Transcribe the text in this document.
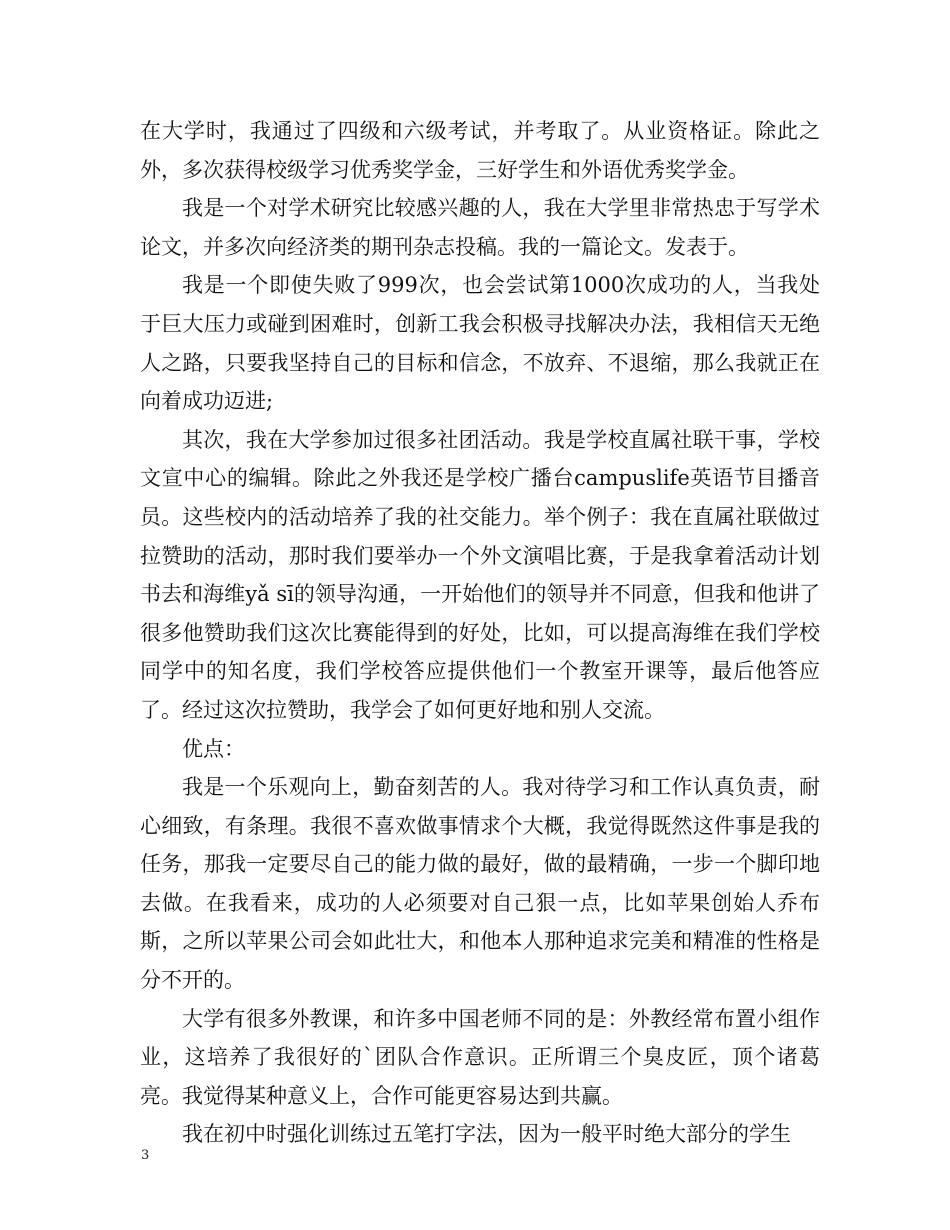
在大学时，我通过了四级和六级考试，并考取了。从业资格证。除此之外，多次获得校级学习优秀奖学金，三好学生和外语优秀奖学金。

我是一个对学术研究比较感兴趣的人，我在大学里非常热忠于写学术论文，并多次向经济类的期刊杂志投稿。我的一篇论文。发表于。

我是一个即使失败了999次，也会尝试第1000次成功的人，当我处于巨大压力或碰到困难时，创新工我会积极寻找解决办法，我相信天无绝人之路，只要我坚持自己的目标和信念，不放弃、不退缩，那么我就正在向着成功迈进;

其次，我在大学参加过很多社团活动。我是学校直属社联干事，学校文宣中心的编辑。除此之外我还是学校广播台campuslife英语节目播音员。这些校内的活动培养了我的社交能力。举个例子：我在直属社联做过拉赞助的活动，那时我们要举办一个外文演唱比赛，于是我拿着活动计划书去和海维yǎ sī的领导沟通，一开始他们的领导并不同意，但我和他讲了很多他赞助我们这次比赛能得到的好处，比如，可以提高海维在我们学校同学中的知名度，我们学校答应提供他们一个教室开课等，最后他答应了。经过这次拉赞助，我学会了如何更好地和别人交流。

优点：

我是一个乐观向上，勤奋刻苦的人。我对待学习和工作认真负责，耐心细致，有条理。我很不喜欢做事情求个大概，我觉得既然这件事是我的任务，那我一定要尽自己的能力做的最好，做的最精确，一步一个脚印地去做。在我看来，成功的人必须要对自己狠一点，比如苹果创始人乔布斯，之所以苹果公司会如此壮大，和他本人那种追求完美和精准的性格是分不开的。

大学有很多外教课，和许多中国老师不同的是：外教经常布置小组作业，这培养了我很好的`团队合作意识。正所谓三个臭皮匠，顶个诸葛亮。我觉得某种意义上，合作可能更容易达到共赢。

我在初中时强化训练过五笔打字法，因为一般平时绝大部分的学生

3
